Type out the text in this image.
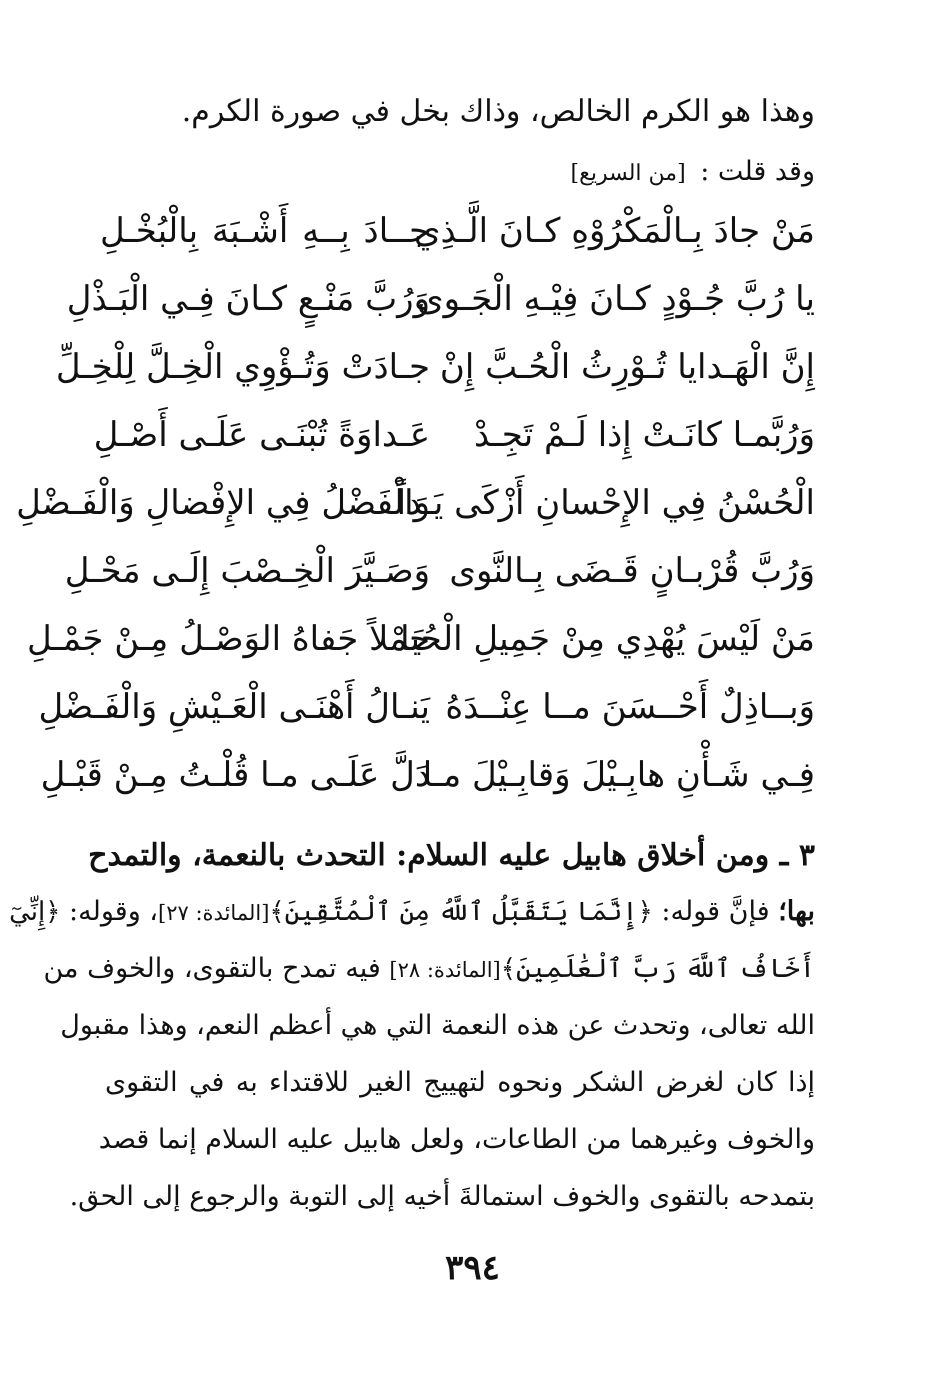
وهذا هو الكرم الخالص، وذاك بخل في صورة الكرم.
وقد قلت : [من السريع]
مَنْ جادَ بِـالْمَكْرُوْهِ كـانَ الَّـذِي
جــادَ بِــهِ أَشْـبَهَ بِالْبُخْـلِ
يا رُبَّ جُـوْدٍ كـانَ فِيْـهِ الْجَـوى
وَرُبَّ مَنْـعٍ كـانَ فِـي الْبَـذْلِ
إِنَّ الْهَـدايا تُـوْرِثُ الْحُـبَّ إِنْ
جـادَتْ وَتُـؤْوِي الْخِـلَّ لِلْخِـلِّ
وَرُبَّمـا كانَـتْ إِذا لَـمْ تَجِـدْ
عَـداوَةً تُبْنَـى عَلَـى أَصْـلِ
الْحُسْنُ فِي الإِحْسانِ أَزْكَى يَـداً
وَالْفَضْلُ فِي الإِفْضالِ وَالْفَـضْلِ
وَرُبَّ قُرْبـانٍ قَـضَى بِـالنَّوى
وَصَـيَّرَ الْخِـصْبَ إِلَـى مَحْـلِ
مَنْ لَيْسَ يُهْدِي مِنْ جَمِيلِ الْحُبا
جَمْلاً جَفاهُ الوَصْـلُ مِـنْ جَمْـلِ
وَبــاذِلٌ أَحْــسَنَ مــا عِنْــدَهُ
يَنـالُ أَهْنَـى الْعَـيْشِ وَالْفَـضْلِ
فِـي شَـأْنِ هابِـيْلَ وَقابِـيْلَ مـا
دَلَّ عَلَـى مـا قُلْـتُ مِـنْ قَبْـلِ
٣ ـ ومن أخلاق هابيل عليه السلام: التحدث بالنعمة، والتمدح
بها؛ فإنَّ قوله: ﴿إِنَّمَا يَتَقَبَّلُ ٱللَّهُ مِنَ ٱلْمُتَّقِينَ﴾[المائدة: ٢٧]، وقوله: ﴿إِنِّيٓ
أَخَافُ ٱللَّهَ رَبَّ ٱلْعَٰلَمِينَ﴾[المائدة: ٢٨] فيه تمدح بالتقوى، والخوف من
الله تعالى، وتحدث عن هذه النعمة التي هي أعظم النعم، وهذا مقبول
إذا كان لغرض الشكر ونحوه لتهييج الغير للاقتداء به في التقوى
والخوف وغيرهما من الطاعات، ولعل هابيل عليه السلام إنما قصد
بتمدحه بالتقوى والخوف استمالةَ أخيه إلى التوبة والرجوع إلى الحق.
٣٩٤
